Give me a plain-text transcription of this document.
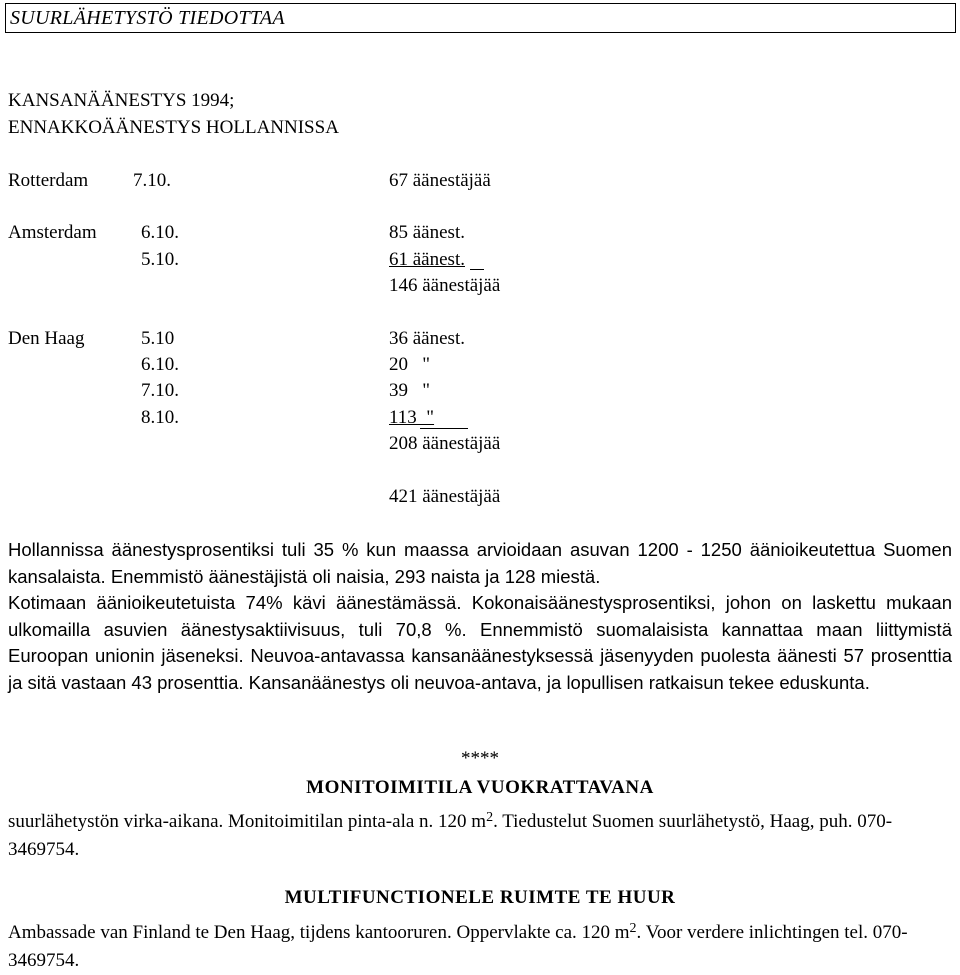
SUURLÄHETYSTÖ TIEDOTTAA
KANSANÄÄNESTYS 1994;
ENNAKKOÄÄNESTYS HOLLANNISSA
Rotterdam 7.10.	67 äänestäjää
Amsterdam 6.10.	85 äänest.
5.10.	61 äänest.
146 äänestäjää
Den Haag	5.10	36 äänest.
6.10.	20   "
7.10.	39   "
8.10.	113  "
208 äänestäjää
421 äänestäjää
Hollannissa äänestysprosentiksi tuli 35 % kun maassa arvioidaan asuvan 1200 - 1250 äänioikeutettua Suomen kansalaista. Enemmistö äänestäjistä oli naisia, 293 naista ja 128 miestä.
Kotimaan äänioikeutetuista 74% kävi äänestämässä. Kokonaisäänestysprosentiksi, johon on laskettu mukaan ulkomailla asuvien äänestysaktiivisuus, tuli 70,8 %. Ennemmistö suomalaisista kannattaa maan liittymistä Euroopan unionin jäseneksi. Neuvoa-antavassa kansanäänestyksessä jäsenyyden puolesta äänesti 57 prosenttia ja sitä vastaan 43 prosenttia. Kansanäänestys oli neuvoa-antava, ja lopullisen ratkaisun tekee eduskunta.
****
MONITOIMITILA VUOKRATTAVANA
suurlähetystön virka-aikana. Monitoimitilan pinta-ala n. 120 $m^2$. Tiedustelut Suomen suurlähetystö, Haag, puh. 070-3469754.
MULTIFUNCTIONELE RUIMTE TE HUUR
Ambassade van Finland te Den Haag, tijdens kantooruren. Oppervlakte ca. 120 $m^2$. Voor verdere inlichtingen tel. 070-3469754.
